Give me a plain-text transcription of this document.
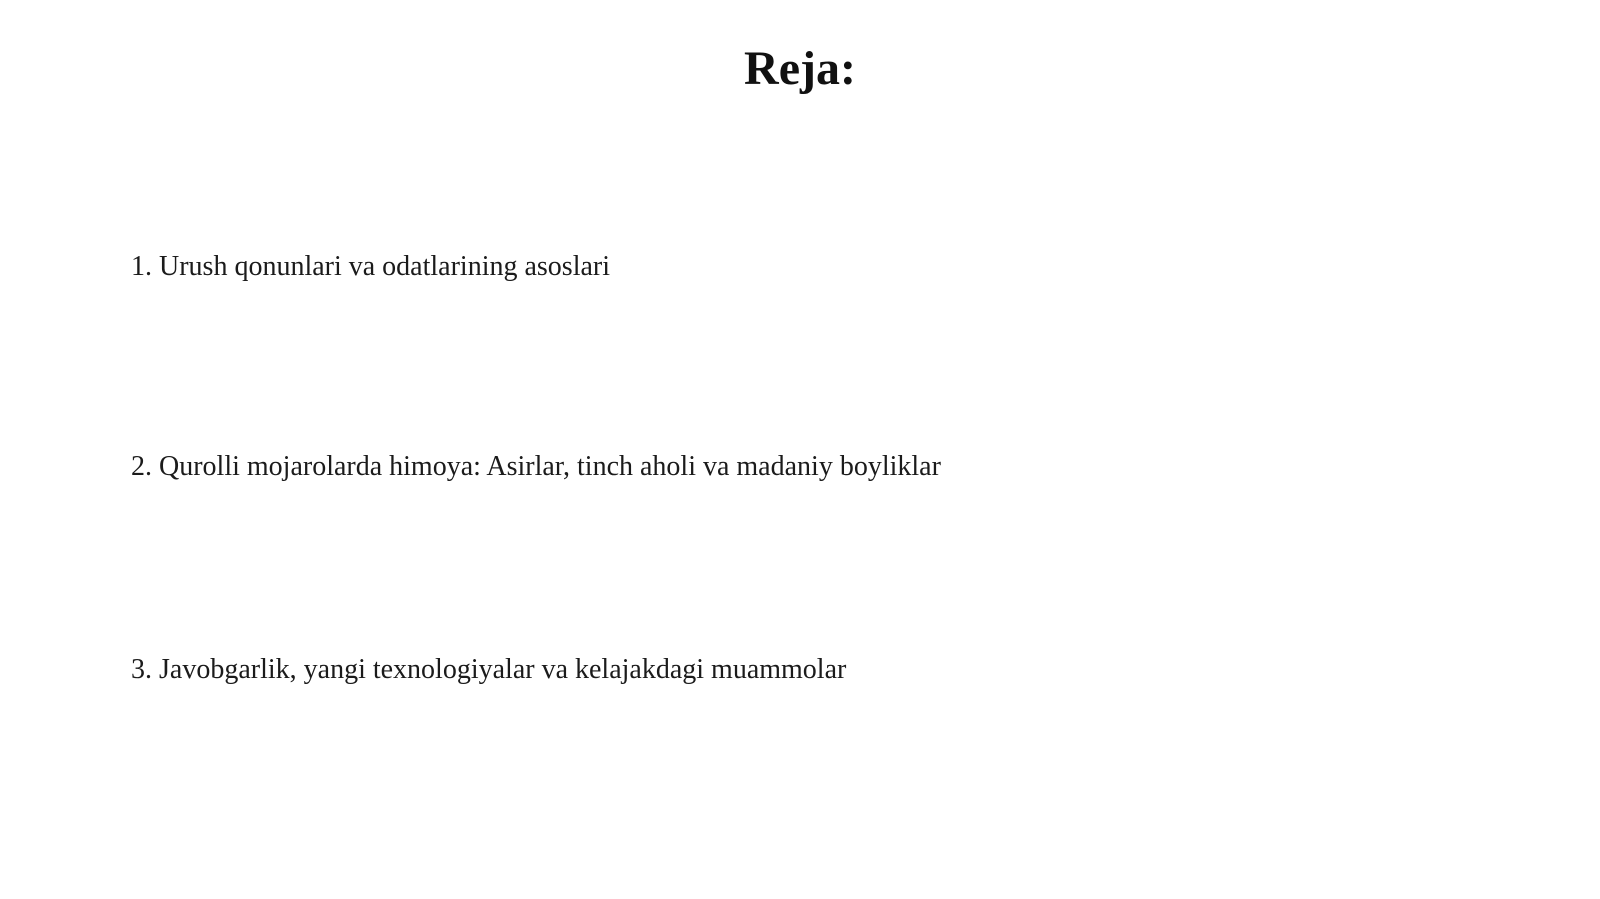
Reja:
1. Urush qonunlari va odatlarining asoslari
2. Qurolli mojarolarda himoya: Asirlar, tinch aholi va madaniy boyliklar
3. Javobgarlik, yangi texnologiyalar va kelajakdagi muammolar
